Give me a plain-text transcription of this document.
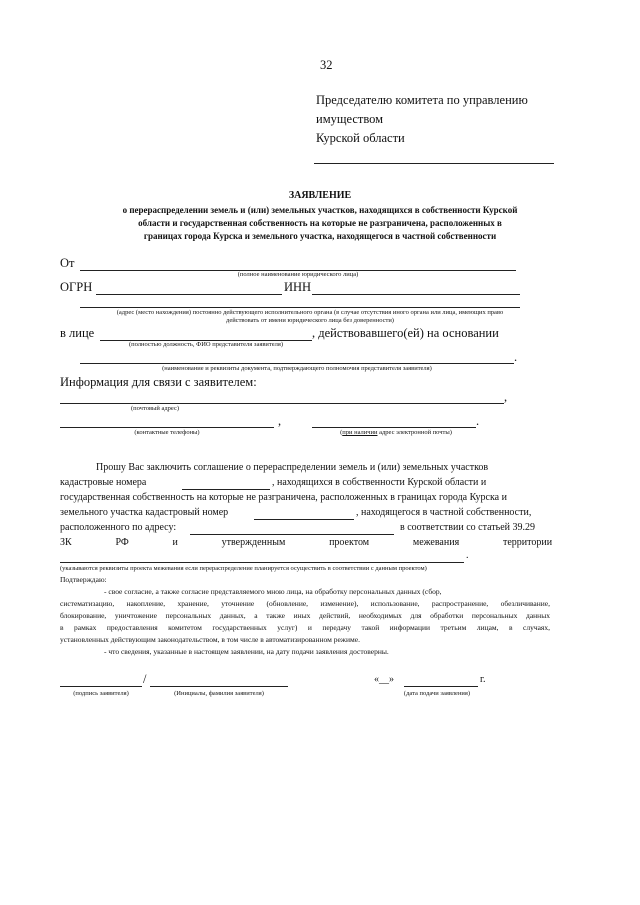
32
Председателю комитета по управлению
имуществом
Курской области
ЗАЯВЛЕНИЕ
о перераспределении земель и (или) земельных участков, находящихся в собственности Курской
области и государственная собственность на которые не разграничена, расположенных в
границах города Курска и земельного участка, находящегося в частной собственности
От
(полное наименование юридического лица)
ОГРН	ИНН
(адрес (место нахождения) постоянно действующего исполнительного органа (в случае отсутствия иного органа или лица, имеющих право
действовать от имени юридического лица без доверенности)
в лице	, действовавшего(ей) на основании
(полностью должность, ФИО представителя заявителя)
.
(наименование и реквизиты документа, подтверждающего полномочия представителя заявителя)
Информация для связи с заявителем:
,
(почтовый адрес)
,
(контактные телефоны)
.
(при наличии адрес электронной почты)
Прошу Вас заключить соглашение о перераспределении земель и (или) земельных участков
кадастровые номера	, находящихся в собственности Курской области и
государственная собственность на которые не разграничена, расположенных в границах города Курска и
земельного участка кадастровый номер	, находящегося в частной собственности,
расположенного по адресу:	в соответствии со статьей 39.29
ЗК	РФ	и	утвержденным	проектом	межевания	территории
.
(указываются реквизиты проекта межевания если перераспределение планируется осуществить в соответствии с данным проектом)
Подтверждаю:
- свое согласие, а также согласие представляемого мною лица, на обработку персональных данных (сбор,
систематизацию, накопление, хранение, уточнение (обновление, изменение), использование, распространение, обезличивание,
блокирование, уничтожение персональных данных, а также иных действий, необходимых для обработки персональных данных
в рамках предоставления комитетом государственных услуг) и передачу такой информации третьим лицам, в случаях,
установленных действующим законодательством, в том числе в автоматизированном режиме.
- что сведения, указанные в настоящем заявлении, на дату подачи заявления достоверны.
/
(подпись заявителя)	(Инициалы, фамилия заявителя)
«__»	г.
(дата подачи заявления)
